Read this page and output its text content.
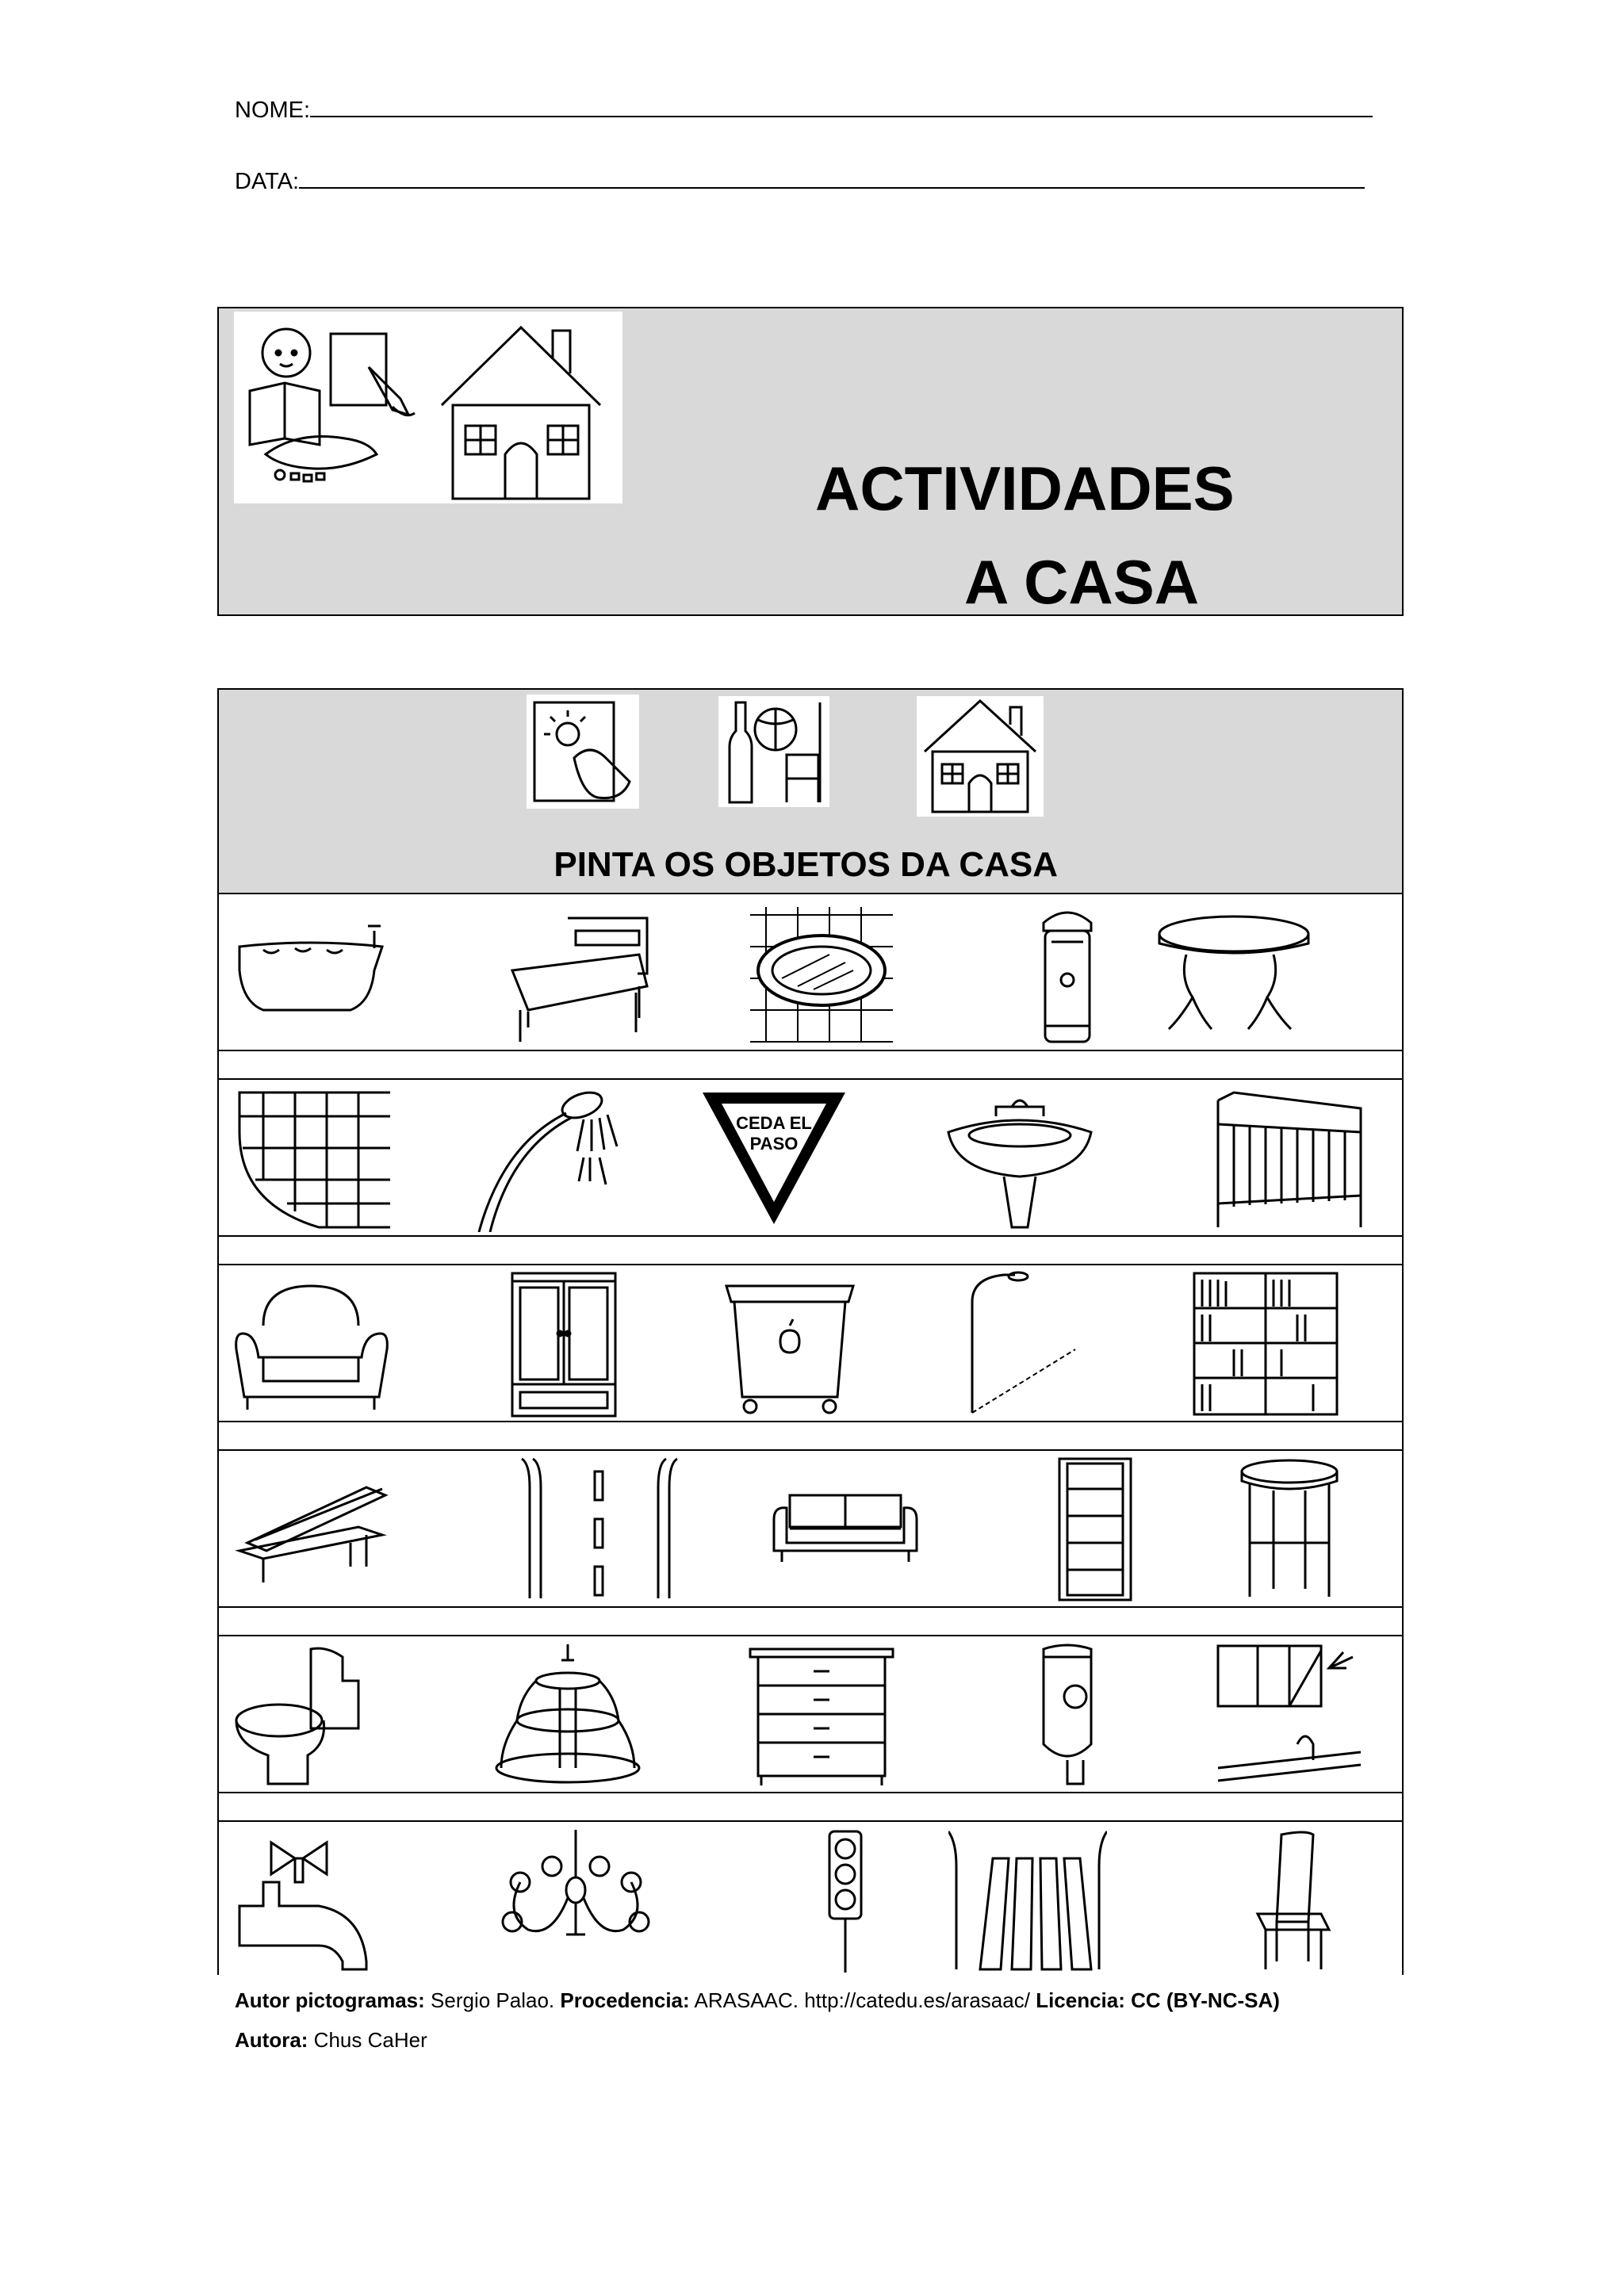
NOME:
DATA:
ACTIVIDADES
A CASA
PINTA OS OBJETOS DA CASA
CEDA EL
PASO
Autor pictogramas: Sergio Palao. Procedencia: ARASAAC. http://catedu.es/arasaac/ Licencia: CC (BY-NC-SA)
Autora: Chus CaHer
